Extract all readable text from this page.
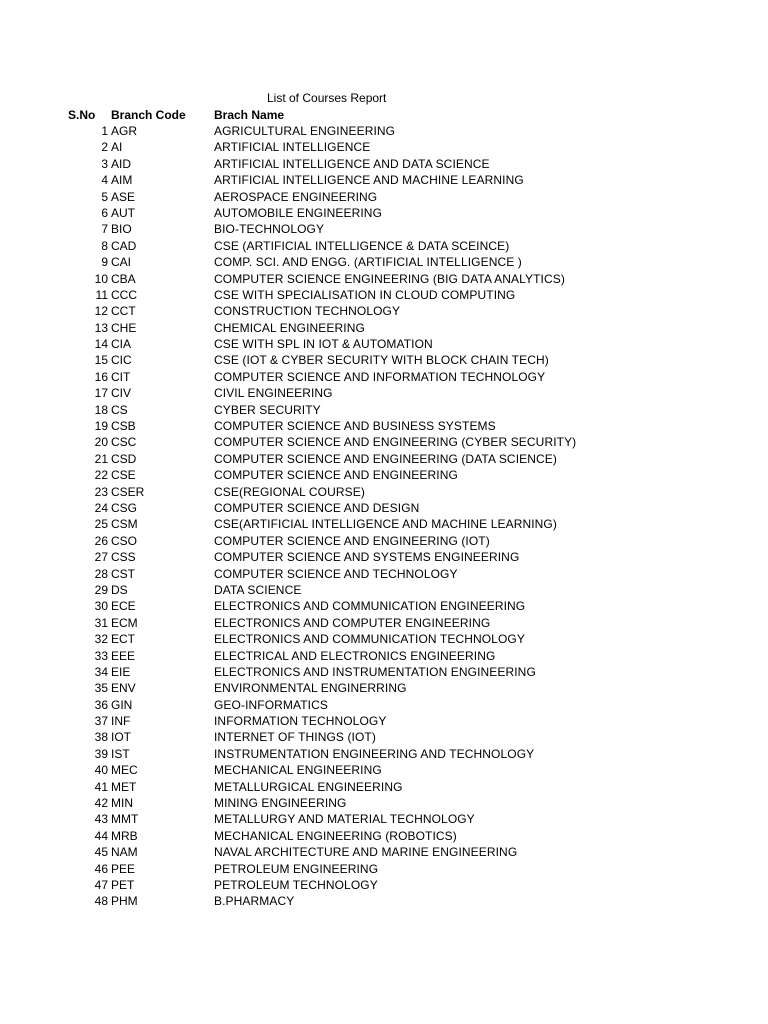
List of Courses Report
S.No Branch Code Brach Name
1 AGR	AGRICULTURAL ENGINEERING
2 AI	ARTIFICIAL INTELLIGENCE
3 AID	ARTIFICIAL INTELLIGENCE AND DATA SCIENCE
4 AIM	ARTIFICIAL INTELLIGENCE AND MACHINE LEARNING
5 ASE	AEROSPACE ENGINEERING
6 AUT	AUTOMOBILE ENGINEERING
7 BIO	BIO-TECHNOLOGY
8 CAD	CSE (ARTIFICIAL INTELLIGENCE & DATA SCEINCE)
9 CAI	COMP. SCI. AND ENGG. (ARTIFICIAL INTELLIGENCE )
10 CBA	COMPUTER SCIENCE ENGINEERING (BIG DATA ANALYTICS)
11 CCC	CSE WITH SPECIALISATION IN CLOUD COMPUTING
12 CCT	CONSTRUCTION TECHNOLOGY
13 CHE	CHEMICAL ENGINEERING
14 CIA	CSE WITH SPL IN IOT & AUTOMATION
15 CIC	CSE (IOT & CYBER SECURITY WITH BLOCK CHAIN TECH)
16 CIT	COMPUTER SCIENCE AND INFORMATION TECHNOLOGY
17 CIV	CIVIL ENGINEERING
18 CS	CYBER SECURITY
19 CSB	COMPUTER SCIENCE AND BUSINESS SYSTEMS
20 CSC	COMPUTER SCIENCE AND ENGINEERING (CYBER SECURITY)
21 CSD	COMPUTER SCIENCE AND ENGINEERING (DATA SCIENCE)
22 CSE	COMPUTER SCIENCE AND ENGINEERING
23 CSER	CSE(REGIONAL COURSE)
24 CSG	COMPUTER SCIENCE AND DESIGN
25 CSM	CSE(ARTIFICIAL INTELLIGENCE AND MACHINE LEARNING)
26 CSO	COMPUTER SCIENCE AND ENGINEERING (IOT)
27 CSS	COMPUTER SCIENCE AND SYSTEMS ENGINEERING
28 CST	COMPUTER SCIENCE AND TECHNOLOGY
29 DS	DATA SCIENCE
30 ECE	ELECTRONICS AND COMMUNICATION ENGINEERING
31 ECM	ELECTRONICS AND COMPUTER ENGINEERING
32 ECT	ELECTRONICS AND COMMUNICATION TECHNOLOGY
33 EEE	ELECTRICAL AND ELECTRONICS ENGINEERING
34 EIE	ELECTRONICS AND INSTRUMENTATION ENGINEERING
35 ENV	ENVIRONMENTAL ENGINERRING
36 GIN	GEO-INFORMATICS
37 INF	INFORMATION TECHNOLOGY
38 IOT	INTERNET OF THINGS (IOT)
39 IST	INSTRUMENTATION ENGINEERING AND TECHNOLOGY
40 MEC	MECHANICAL ENGINEERING
41 MET	METALLURGICAL ENGINEERING
42 MIN	MINING ENGINEERING
43 MMT	METALLURGY AND MATERIAL TECHNOLOGY
44 MRB	MECHANICAL ENGINEERING (ROBOTICS)
45 NAM	NAVAL ARCHITECTURE AND MARINE ENGINEERING
46 PEE	PETROLEUM ENGINEERING
47 PET	PETROLEUM TECHNOLOGY
48 PHM	B.PHARMACY
